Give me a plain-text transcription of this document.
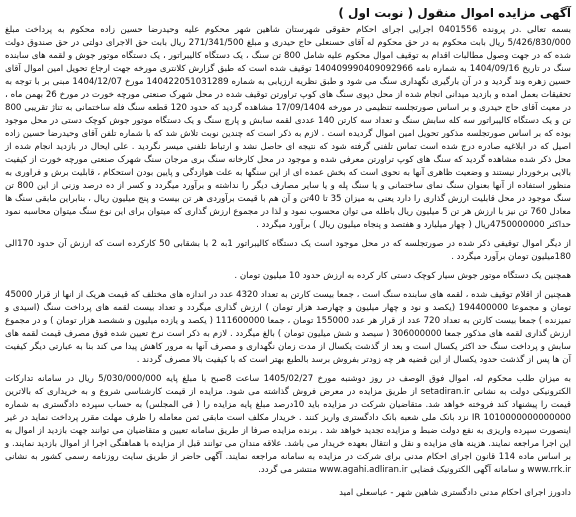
آگهی مزایده اموال منقول ( نوبت اول )

بسمه تعالی .در پرونده 0401556 اجرایی اجرای احکام حقوقی شهرستان شاهین شهر محکوم علیه وحیدرضا حسین زاده محکوم به پرداخت مبلغ 5/426/830/000 ریال بابت محکوم به در حق محکوم له آقای حسنعلی حاج حیدری و مبلغ 271/341/500 ریال بابت حق الاجرای دولتی در حق صندوق دولت شده که در جهت وصول مطالبات اقدام به توقیف اموال محکوم علیه شامل 800 تن سنگ ، یک دستگاه کالیبراتور ، یک دستگاه موتور جوش و لقمه های سابنده سنگ در تاریخ 1404/09/16 به شماره نامه 140409990409092966 توقیف شده است که طبق گزارش کلانتری مورخه جهت ارجاع تحویل امین اموال آقای حسین زهره وند گردید و در آن بارگیری نگهداری سنگ می شود و طبق نظریه ارزیابی به شماره 140422051031289 مورخ 1404/12/07 مبنی بر با توجه به تحقیقات بعمل امده و بازدید میدانی انجام شده از محل دپوی سنگ های کوپ تراورتن توقیف شده در محل شهرک صنعتی مورچه خورت در مورخ 26 بهمن ماه ، در معیت آقای حاج حیدری و بر اساس صورتجلسه تنظیمی در مورخه 17/09/1404 مشاهده گردید که حدود 120 قطعه سنگ فله ساختمانی به تناژ تقریبی 800 تن و یک دستگاه کالیبراتور سه کله سابش سنگ و تعداد سه کارتن 140 عددی لقمه سابش و پارچ سنگ و یک دستگاه موتور جوش کوچک دستی در محل موجود بوده که بر اساس صورتجلسه مذکور تحویل امین اموال گردیده است . لازم به ذکر است که چندین نوبت تلاش شد که با شماره تلفن آقای وحیدرضا حسین زاده اصیل که در ابلاغیه صادره درج شده است تماس تلفنی گرفته شود که نتیجه ای حاصل نشد و ارتباط تلفنی میسر نگردید . علی ایحال در بازدید انجام شده از محل ذکر شده مشاهده گردید که سنگ های کوپ تراورتن معرفی شده و موجود در محل کارخانه سنگ بری مرجان سنگ شهرک صنعتی مورچه خورت از کیفیت بالایی برخوردار نیستند و وضعیت ظاهری آنها به نحوی است که بخش عمده ای از این سنگها به علت هوازدگی و پایین بودن استحکام ، قابلیت برش و فراوری به منظور استفاده از آنها بعنوان سنگ نمای ساختمانی و یا سنگ پله و یا سایر مصارف دیگر را نداشته و برآورد میگردد و کسر از ده درصد وزنی از این 800 تن سنگ موجود در محل قابلیت ارزش گذاری را دارد یعنی به میزان 35 تا 40تن و آن هم با قیمت برآوردی هر تن بیست و پنج میلیون ریال ، بنابراین مابقی سنگ ها معادل 760 تن نیز با ارزش هر تن 5 میلیون ریال باطله می توان محسوب نمود و لذا در مجموع ارزش گذاری که میتوان برای این نوع سنگ میتوان محاسبه نمود حداکثر 4750000000ریال ( چهار میلیارد و هفتصد و پنجاه میلیون ریال ) برآورد میگردد .

از دیگر اموال توقیفی ذکر شده در صورتجلسه که در محل موجود است یک دستگاه کالیبراتور 1به 2 با بشقابی 50 کارکرده است که ارزش آن حدود 170الی 180میلیون تومان برآورد میگردد .

همچنین یک دستگاه موتور جوش سیار کوچک دستی کار کرده به ارزش حدود 10 میلیون تومان .

همچنین از اقلام توقیف شده ، لقمه های سابنده سنگ است ، جمعا بیست کارتن به تعداد 4320 عدد در اندازه های مختلف که قیمت هریک از انها از قرار 45000 تومان و مجموعا 194400000 (یکصد و نود و چهار میلیون و چهارصد هزار تومان ) ارزش گذاری میگردد و تعداد بیست لقمه های پرداخت سنگ (اسیدی و تمیزنده ) جمعا بیست کارتن به تعداد 720 عدد از قرار هر عدد 155000 تومان ، جمعا 111600000 ( یکصد و یازده میلیون و ششصد هزار تومان ) و در مجموع ارزش گذاری لقمه های مذکور جمعا 306000000 ( سیصد و شش میلیون تومان ) بالغ میگردد . لازم به ذکر است نرخ تعیین شده فوق مصرف قیمت لقمه های سابش و پرداخت سنگ حد اکثر یکسال است و بعد از گذشت یکسال از مدت زمان نگهداری و مصرف آنها به مرور کاهش پیدا می کند بنا به عبارتی دیگر کیفیت آن ها پس از گذشت حدود یکسال از این قضیه هر چه زودتر بفروش برسد بالطبع بهتر است که با کیفیت بالا مصرف گردند .

به میزان طلب محکوم له، اموال فوق الوصف در روز دوشنبه مورخ 1405/02/27 ساعت 8صبح با مبلغ پایه 5/030/000/000 ریال در سامانه تدارکات الکترونیکی دولت به نشانی setadiran.ir از طریق مزایده در معرض فروش گذاشته می شود. مزایده از قیمت کارشناسی شروع و به خریداری که بالاترین قیمت را پیشنهاد کند فروخته خواهد شد. متقاضیان شرکت در مزایده باید 10درصد مبلغ پایه مزایده را ( فی المجلس) به حساب سپرده دادگستری به شماره 1010000000000000 IR نزد بانک ملی شعبه بانک دادگستری واریز کنند . خریدار مکلف است مابقی ثمن معامله را ظرف مهلت مقرر پرداخت نماید در غیر اینصورت سپرده واریزی به نفع دولت ضبط و مزایده تجدید خواهد شد . برنده مزایده صرفا از طریق سامانه تعیین و متقاضیان می توانند جهت بازدید از اموال به این اجرا مراجعه نمایند. هزینه های مزایده و نقل و انتقال بعهده خریدار می باشد. علاقه مندان می توانند قبل از مزایده با هماهنگی اجرا از اموال بازدید نمایند. و بر اساس ماده 114 قانون اجرای احکام مدنی برای شرکت در مزایده به سامانه مراجعه نمایند. آگهی حاضر از طریق سایت روزنامه رسمی کشور به نشانی www.rrk.ir و سامانه آگهی الکترونیک قضایی www.agahi.adliran.ir منتشر می گردد.

دادورز اجرای احکام مدنی دادگستری شاهین شهر - عباسعلی امید
